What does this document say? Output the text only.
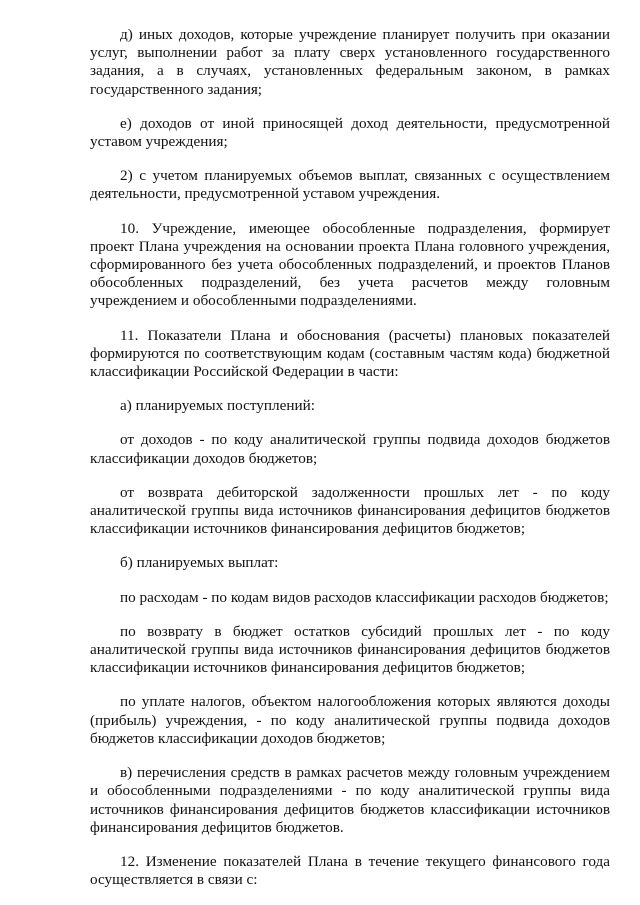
д) иных доходов, которые учреждение планирует получить при оказании услуг, выполнении работ за плату сверх установленного государственного задания, а в случаях, установленных федеральным законом, в рамках государственного задания;

е) доходов от иной приносящей доход деятельности, предусмотренной уставом учреждения;

2) с учетом планируемых объемов выплат, связанных с осуществлением деятельности, предусмотренной уставом учреждения.

10. Учреждение, имеющее обособленные подразделения, формирует проект Плана учреждения на основании проекта Плана головного учреждения, сформированного без учета обособленных подразделений, и проектов Планов обособленных подразделений, без учета расчетов между головным учреждением и обособленными подразделениями.

11. Показатели Плана и обоснования (расчеты) плановых показателей формируются по соответствующим кодам (составным частям кода) бюджетной классификации Российской Федерации в части:

а) планируемых поступлений:

от доходов - по коду аналитической группы подвида доходов бюджетов классификации доходов бюджетов;

от возврата дебиторской задолженности прошлых лет - по коду аналитической группы вида источников финансирования дефицитов бюджетов классификации источников финансирования дефицитов бюджетов;

б) планируемых выплат:

по расходам - по кодам видов расходов классификации расходов бюджетов;

по возврату в бюджет остатков субсидий прошлых лет - по коду аналитической группы вида источников финансирования дефицитов бюджетов классификации источников финансирования дефицитов бюджетов;

по уплате налогов, объектом налогообложения которых являются доходы (прибыль) учреждения, - по коду аналитической группы подвида доходов бюджетов классификации доходов бюджетов;

в) перечисления средств в рамках расчетов между головным учреждением и обособленными подразделениями - по коду аналитической группы вида источников финансирования дефицитов бюджетов классификации источников финансирования дефицитов бюджетов.

12. Изменение показателей Плана в течение текущего финансового года осуществляется в связи с:
